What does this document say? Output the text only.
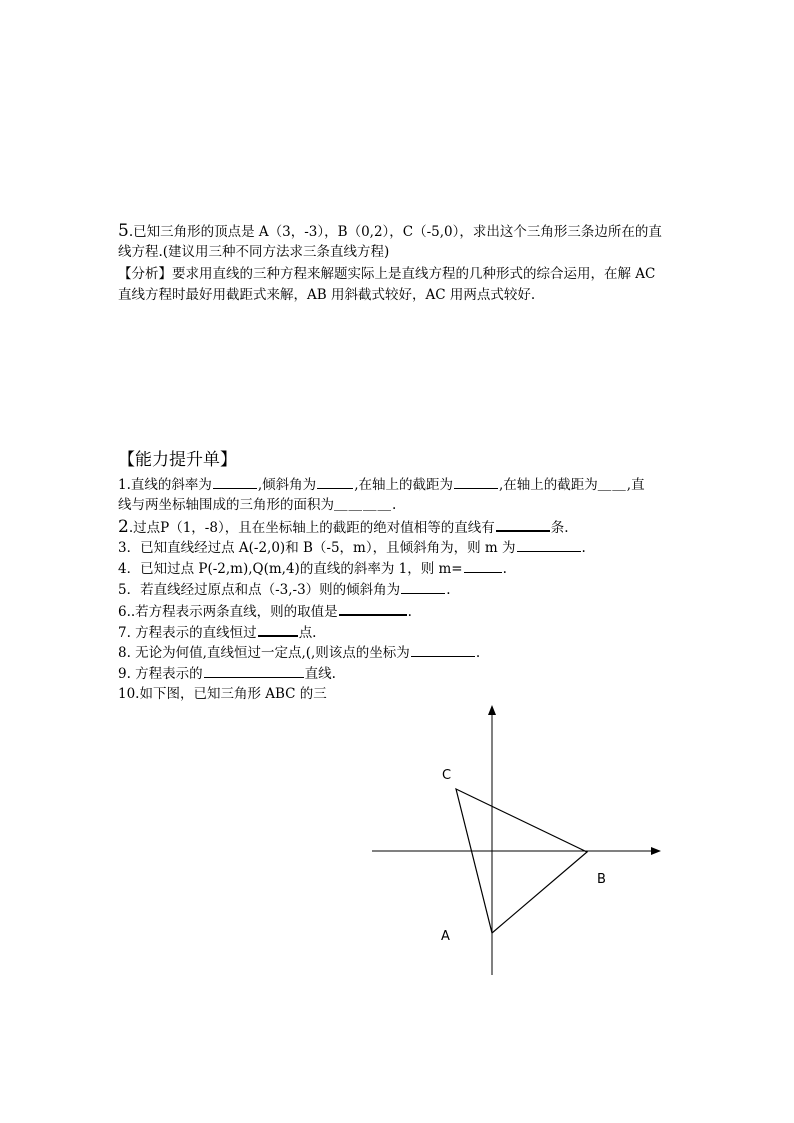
5.已知三角形的顶点是 A（3，-3），B（0,2），C（-5,0），求出这个三角形三条边所在的直
线方程.(建议用三种不同方法求三条直线方程)
【分析】要求用直线的三种方程来解题实际上是直线方程的几种形式的综合运用，在解 AC
直线方程时最好用截距式来解，AB 用斜截式较好，AC 用两点式较好.
【能力提升单】
1.直线的斜率为	,倾斜角为	,在轴上的截距为	,在轴上的截距为＿＿,直
线与两坐标轴围成的三角形的面积为＿＿＿＿.
2.过点P（1，-8），且在坐标轴上的截距的绝对值相等的直线有	条.
3．已知直线经过点 A(-2,0)和 B（-5，m），且倾斜角为，则 m 为	.
4．已知过点 P(-2,m),Q(m,4)的直线的斜率为 1，则 m=	.
5．若直线经过原点和点（-3,-3）则的倾斜角为	.
6..若方程表示两条直线，则的取值是	.
7. 方程表示的直线恒过	点.
8. 无论为何值,直线恒过一定点,(,则该点的坐标为	.
9. 方程表示的	直线.
10.如下图，已知三角形 ABC 的三
C
B
A
